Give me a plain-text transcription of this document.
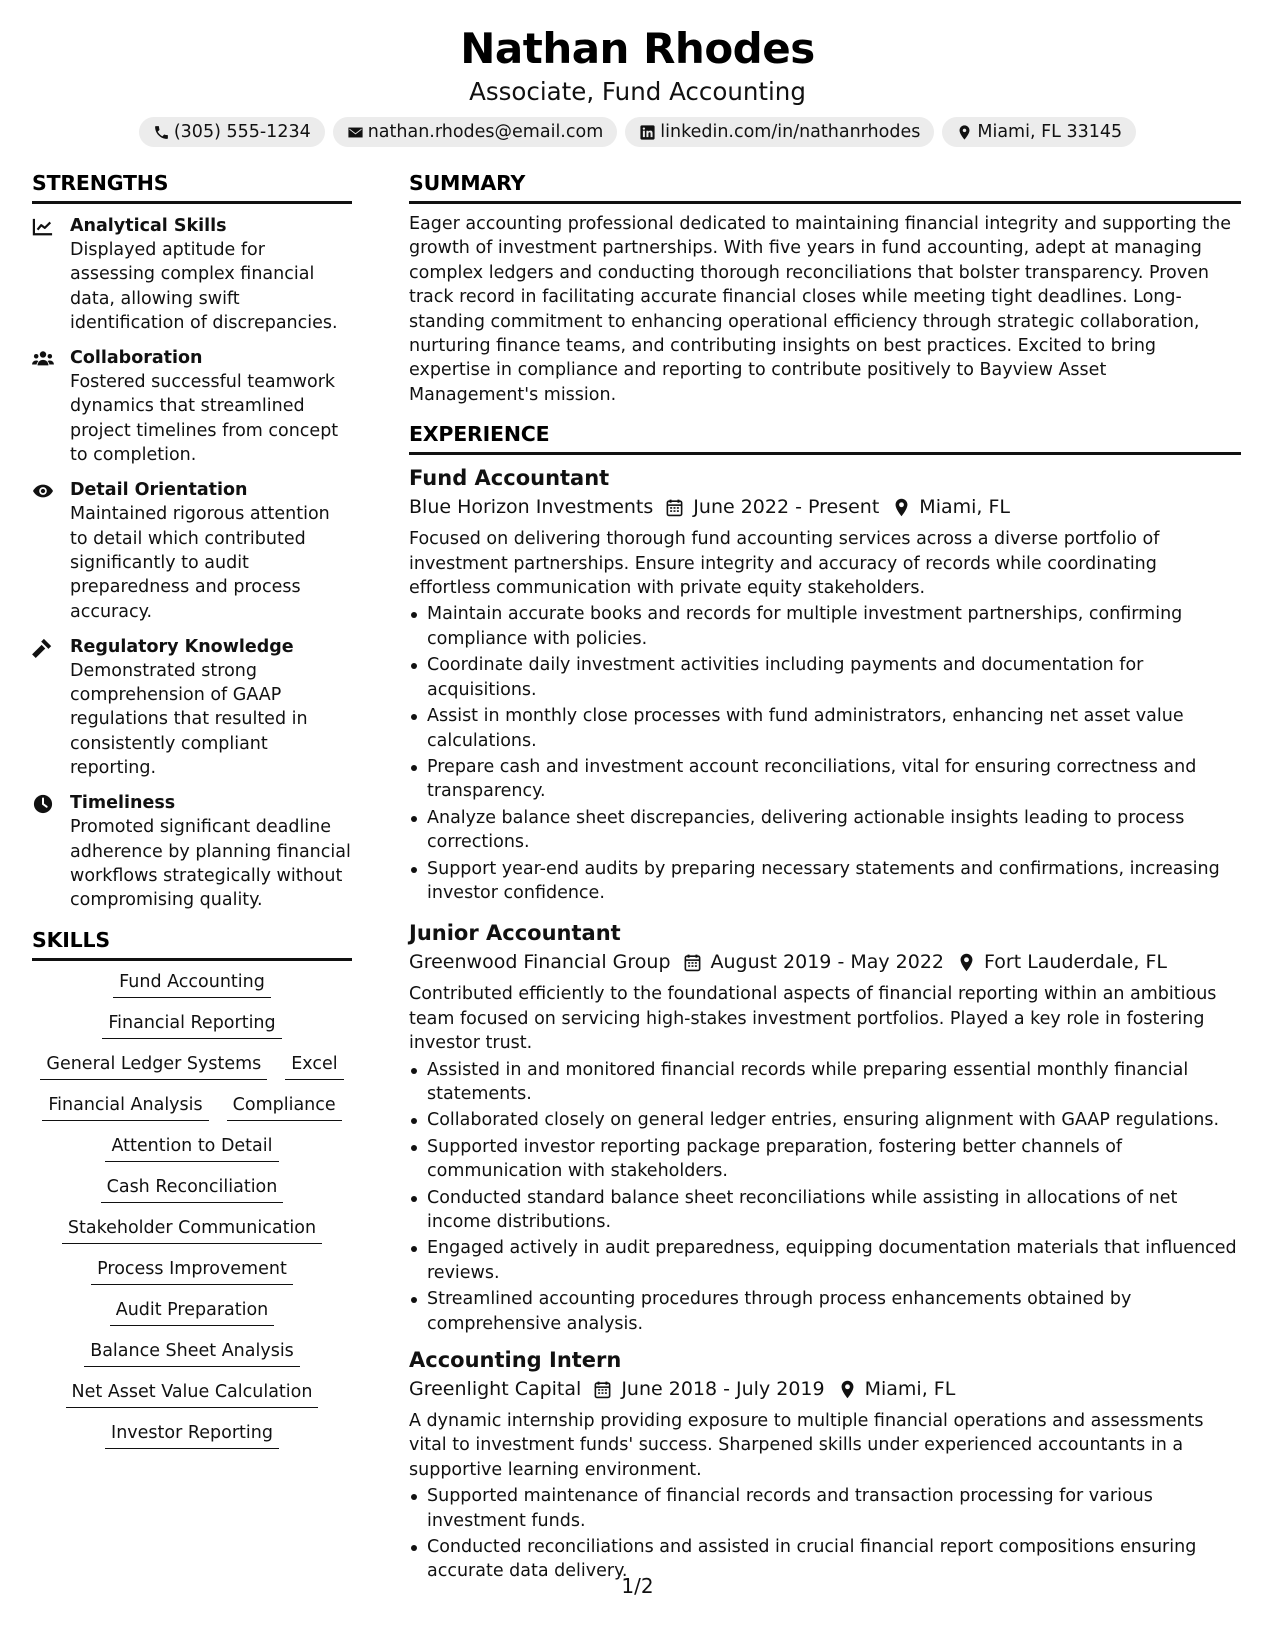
Nathan Rhodes
Associate, Fund Accounting
(305) 555-1234	nathan.rhodes@email.com	linkedin.com/in/nathanrhodes	Miami, FL 33145
STRENGTHS
Analytical Skills
Displayed aptitude for assessing complex financial data, allowing swift identification of discrepancies.
Collaboration
Fostered successful teamwork dynamics that streamlined project timelines from concept to completion.
Detail Orientation
Maintained rigorous attention to detail which contributed significantly to audit preparedness and process accuracy.
Regulatory Knowledge
Demonstrated strong comprehension of GAAP regulations that resulted in consistently compliant reporting.
Timeliness
Promoted significant deadline adherence by planning financial workflows strategically without compromising quality.
SKILLS
Fund Accounting
Financial Reporting
General Ledger Systems	Excel
Financial Analysis	Compliance
Attention to Detail
Cash Reconciliation
Stakeholder Communication
Process Improvement
Audit Preparation
Balance Sheet Analysis
Net Asset Value Calculation
Investor Reporting
SUMMARY
Eager accounting professional dedicated to maintaining financial integrity and supporting the growth of investment partnerships. With five years in fund accounting, adept at managing complex ledgers and conducting thorough reconciliations that bolster transparency. Proven track record in facilitating accurate financial closes while meeting tight deadlines. Long-standing commitment to enhancing operational efficiency through strategic collaboration, nurturing finance teams, and contributing insights on best practices. Excited to bring expertise in compliance and reporting to contribute positively to Bayview Asset Management's mission.
EXPERIENCE
Fund Accountant
Blue Horizon Investments June 2022 - Present Miami, FL
Focused on delivering thorough fund accounting services across a diverse portfolio of investment partnerships. Ensure integrity and accuracy of records while coordinating effortless communication with private equity stakeholders.
Maintain accurate books and records for multiple investment partnerships, confirming compliance with policies.
Coordinate daily investment activities including payments and documentation for acquisitions.
Assist in monthly close processes with fund administrators, enhancing net asset value calculations.
Prepare cash and investment account reconciliations, vital for ensuring correctness and transparency.
Analyze balance sheet discrepancies, delivering actionable insights leading to process corrections.
Support year-end audits by preparing necessary statements and confirmations, increasing investor confidence.
Junior Accountant
Greenwood Financial Group August 2019 - May 2022 Fort Lauderdale, FL
Contributed efficiently to the foundational aspects of financial reporting within an ambitious team focused on servicing high-stakes investment portfolios. Played a key role in fostering investor trust.
Assisted in and monitored financial records while preparing essential monthly financial statements.
Collaborated closely on general ledger entries, ensuring alignment with GAAP regulations.
Supported investor reporting package preparation, fostering better channels of communication with stakeholders.
Conducted standard balance sheet reconciliations while assisting in allocations of net income distributions.
Engaged actively in audit preparedness, equipping documentation materials that influenced reviews.
Streamlined accounting procedures through process enhancements obtained by comprehensive analysis.
Accounting Intern
Greenlight Capital June 2018 - July 2019 Miami, FL
A dynamic internship providing exposure to multiple financial operations and assessments vital to investment funds' success. Sharpened skills under experienced accountants in a supportive learning environment.
Supported maintenance of financial records and transaction processing for various investment funds.
Conducted reconciliations and assisted in crucial financial report compositions ensuring accurate data delivery.
1/2
